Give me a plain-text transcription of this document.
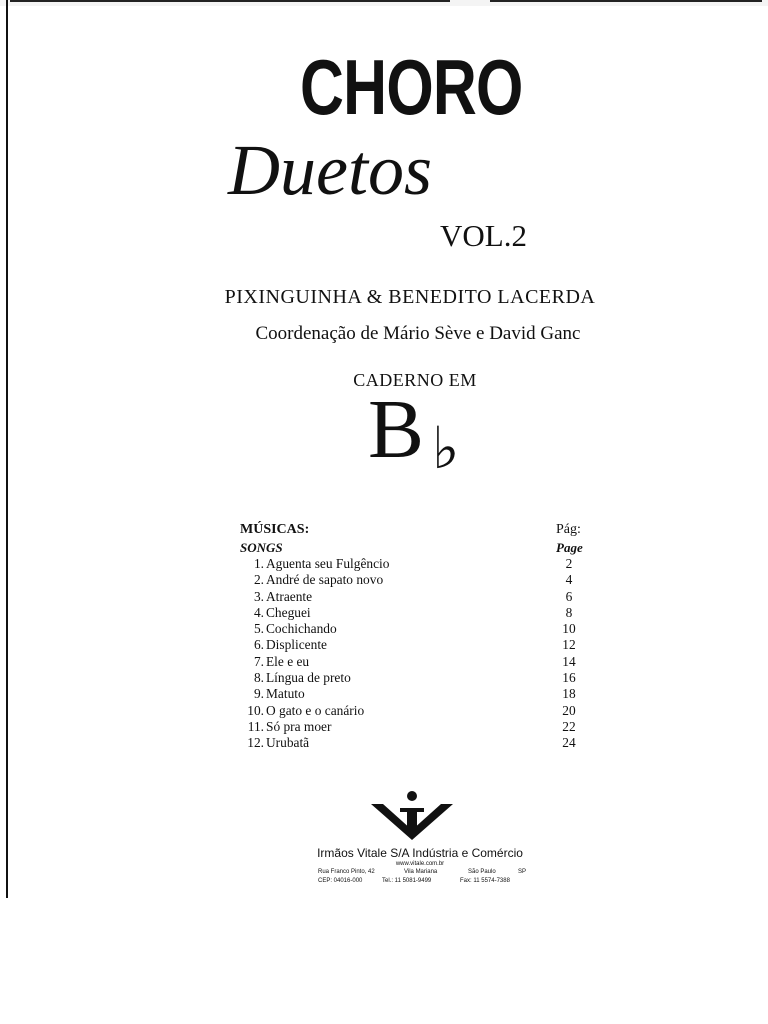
CHORO
Duetos
VOL.2
PIXINGUINHA & BENEDITO LACERDA
Coordenação de Mário Sève e David Ganc
CADERNO EM
B ♭
MÚSICAS:	Pág:
SONGS	Page
1. Aguenta seu Fulgêncio	2
2. André de sapato novo	4
3. Atraente	6
4. Cheguei	8
5. Cochichando	10
6. Displicente	12
7. Ele e eu	14
8. Língua de preto	16
9. Matuto	18
10. O gato e o canário	20
11. Só pra moer	22
12. Urubatã	24
Irmãos Vitale S/A Indústria e Comércio
www.vitale.com.br
Rua Franco Pinto, 42	Vila Mariana	São Paulo	SP
CEP: 04016-000	Tel.: 11 5081-9499	Fax: 11 5574-7388
